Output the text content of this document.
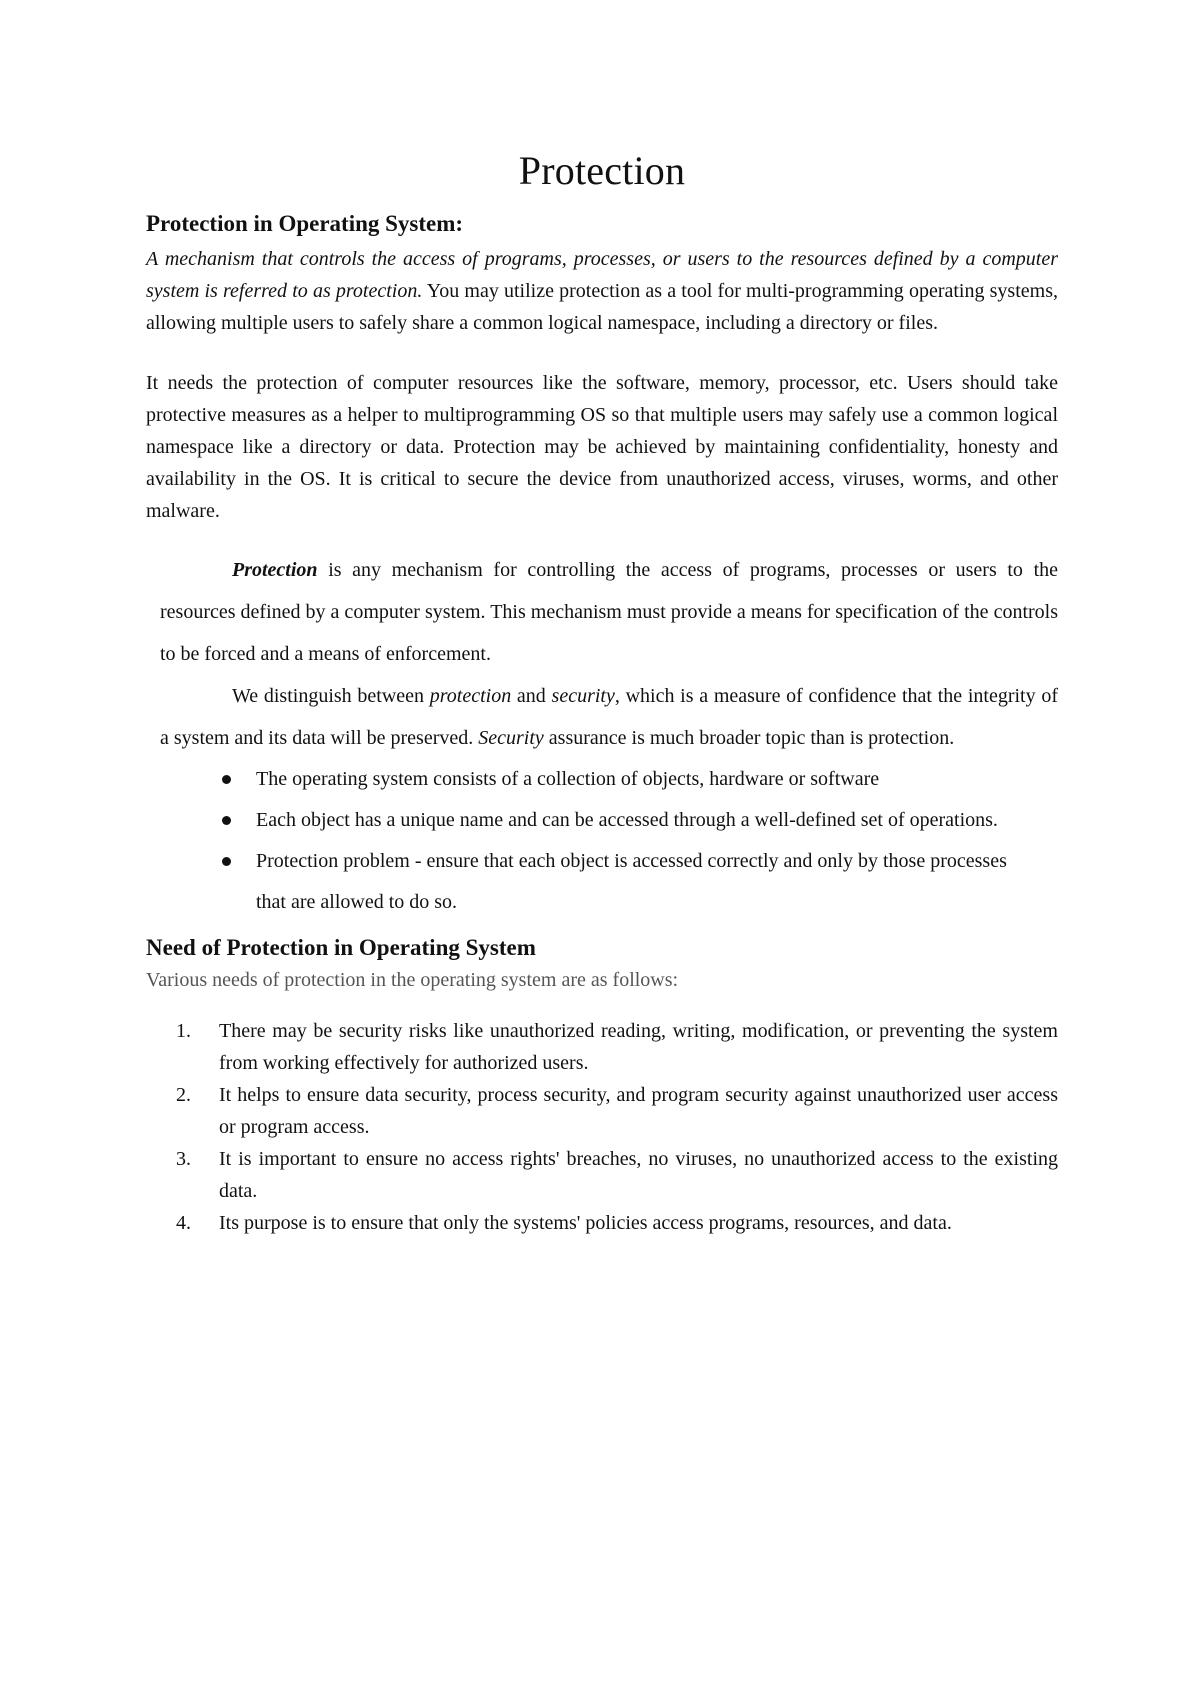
Protection
Protection in Operating System:

A mechanism that controls the access of programs, processes, or users to the resources defined by a computer system is referred to as protection. You may utilize protection as a tool for multi-programming operating systems, allowing multiple users to safely share a common logical namespace, including a directory or files.

It needs the protection of computer resources like the software, memory, processor, etc. Users should take protective measures as a helper to multiprogramming OS so that multiple users may safely use a common logical namespace like a directory or data. Protection may be achieved by maintaining confidentiality, honesty and availability in the OS. It is critical to secure the device from unauthorized access, viruses, worms, and other malware.

Protection is any mechanism for controlling the access of programs, processes or users to the resources defined by a computer system. This mechanism must provide a means for specification of the controls to be forced and a means of enforcement.

We distinguish between protection and security, which is a measure of confidence that the integrity of a system and its data will be preserved. Security assurance is much broader topic than is protection.

The operating system consists of a collection of objects, hardware or software
Each object has a unique name and can be accessed through a well-defined set of operations.
Protection problem - ensure that each object is accessed correctly and only by those processes that are allowed to do so.
Need of Protection in Operating System

Various needs of protection in the operating system are as follows:

1. There may be security risks like unauthorized reading, writing, modification, or preventing the system from working effectively for authorized users.
2. It helps to ensure data security, process security, and program security against unauthorized user access or program access.
3. It is important to ensure no access rights' breaches, no viruses, no unauthorized access to the existing data.
4. Its purpose is to ensure that only the systems' policies access programs, resources, and data.
